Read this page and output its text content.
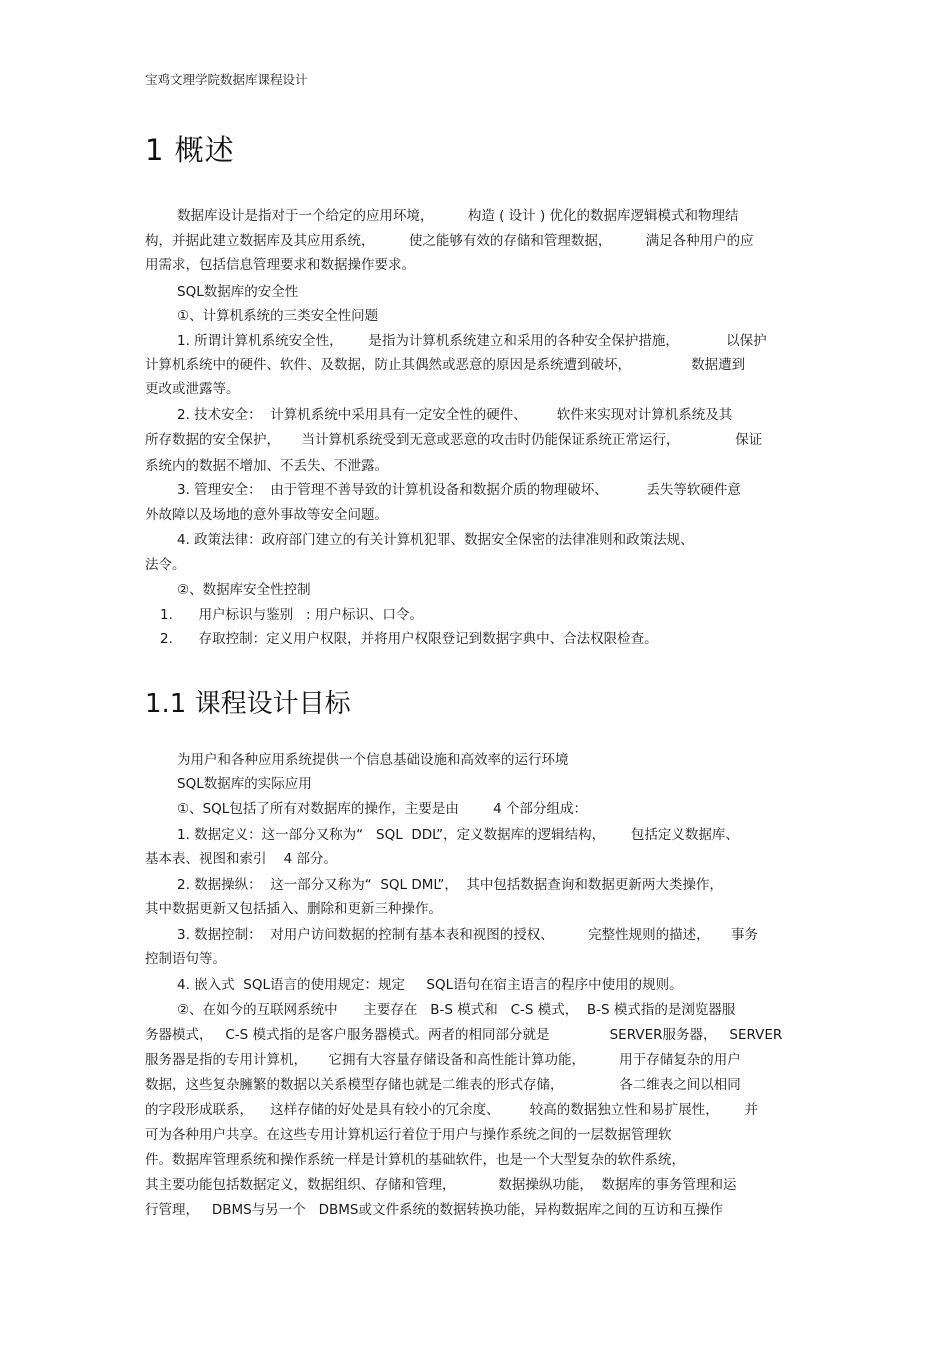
宝鸡文理学院数据库课程设计
1 概述
数据库设计是指对于一个给定的应用环境，        构造 ( 设计 ) 优化的数据库逻辑模式和物理结
构，并据此建立数据库及其应用系统，        使之能够有效的存储和管理数据，        满足各种用户的应
用需求，包括信息管理要求和数据操作要求。
SQL数据库的安全性
①、计算机系统的三类安全性问题
1. 所谓计算机系统安全性，      是指为计算机系统建立和采用的各种安全保护措施，           以保护
计算机系统中的硬件、软件、及数据，防止其偶然或恶意的原因是系统遭到破坏，              数据遭到
更改或泄露等。
2. 技术安全：  计算机系统中采用具有一定安全性的硬件、       软件来实现对计算机系统及其
所存数据的安全保护，     当计算机系统受到无意或恶意的攻击时仍能保证系统正常运行，             保证
系统内的数据不增加、不丢失、不泄露。
3. 管理安全：  由于管理不善导致的计算机设备和数据介质的物理破坏、         丢失等软硬件意
外故障以及场地的意外事故等安全问题。
4. 政策法律：政府部门建立的有关计算机犯罪、数据安全保密的法律准则和政策法规、
法令。
②、数据库安全性控制
1.      用户标识与鉴别   : 用户标识、口令。
2.      存取控制：定义用户权限，并将用户权限登记到数据字典中、合法权限检查。
1.1 课程设计目标
为用户和各种应用系统提供一个信息基础设施和高效率的运行环境
SQL数据库的实际应用
①、SQL包括了所有对数据库的操作，主要是由        4 个部分组成：
1. 数据定义：这一部分又称为“   SQL  DDL”，定义数据库的逻辑结构，      包括定义数据库、
基本表、视图和索引    4 部分。
2. 数据操纵：  这一部分又称为“  SQL DML”，  其中包括数据查询和数据更新两大类操作，
其中数据更新又包括插入、删除和更新三种操作。
3. 数据控制：  对用户访问数据的控制有基本表和视图的授权、        完整性规则的描述，     事务
控制语句等。
4. 嵌入式  SQL语言的使用规定：规定     SQL语句在宿主语言的程序中使用的规则。
②、在如今的互联网系统中      主要存在   B-S 模式和   C-S 模式，  B-S 模式指的是浏览器服
务器模式，   C-S 模式指的是客户服务器模式。两者的相同部分就是              SERVER服务器，   SERVER
服务器是指的专用计算机，     它拥有大容量存储设备和高性能计算功能，        用于存储复杂的用户
数据，这些复杂臃繁的数据以关系模型存储也就是二维表的形式存储，             各二维表之间以相同
的字段形成联系，    这样存储的好处是具有较小的冗余度、       较高的数据独立性和易扩展性，      并
可为各种用户共享。在这些专用计算机运行着位于用户与操作系统之间的一层数据管理软
件。数据库管理系统和操作系统一样是计算机的基础软件，也是一个大型复杂的软件系统，
其主要功能包括数据定义，数据组织、存储和管理，          数据操纵功能，  数据库的事务管理和运
行管理，   DBMS与另一个   DBMS或文件系统的数据转换功能，异构数据库之间的互访和互操作
